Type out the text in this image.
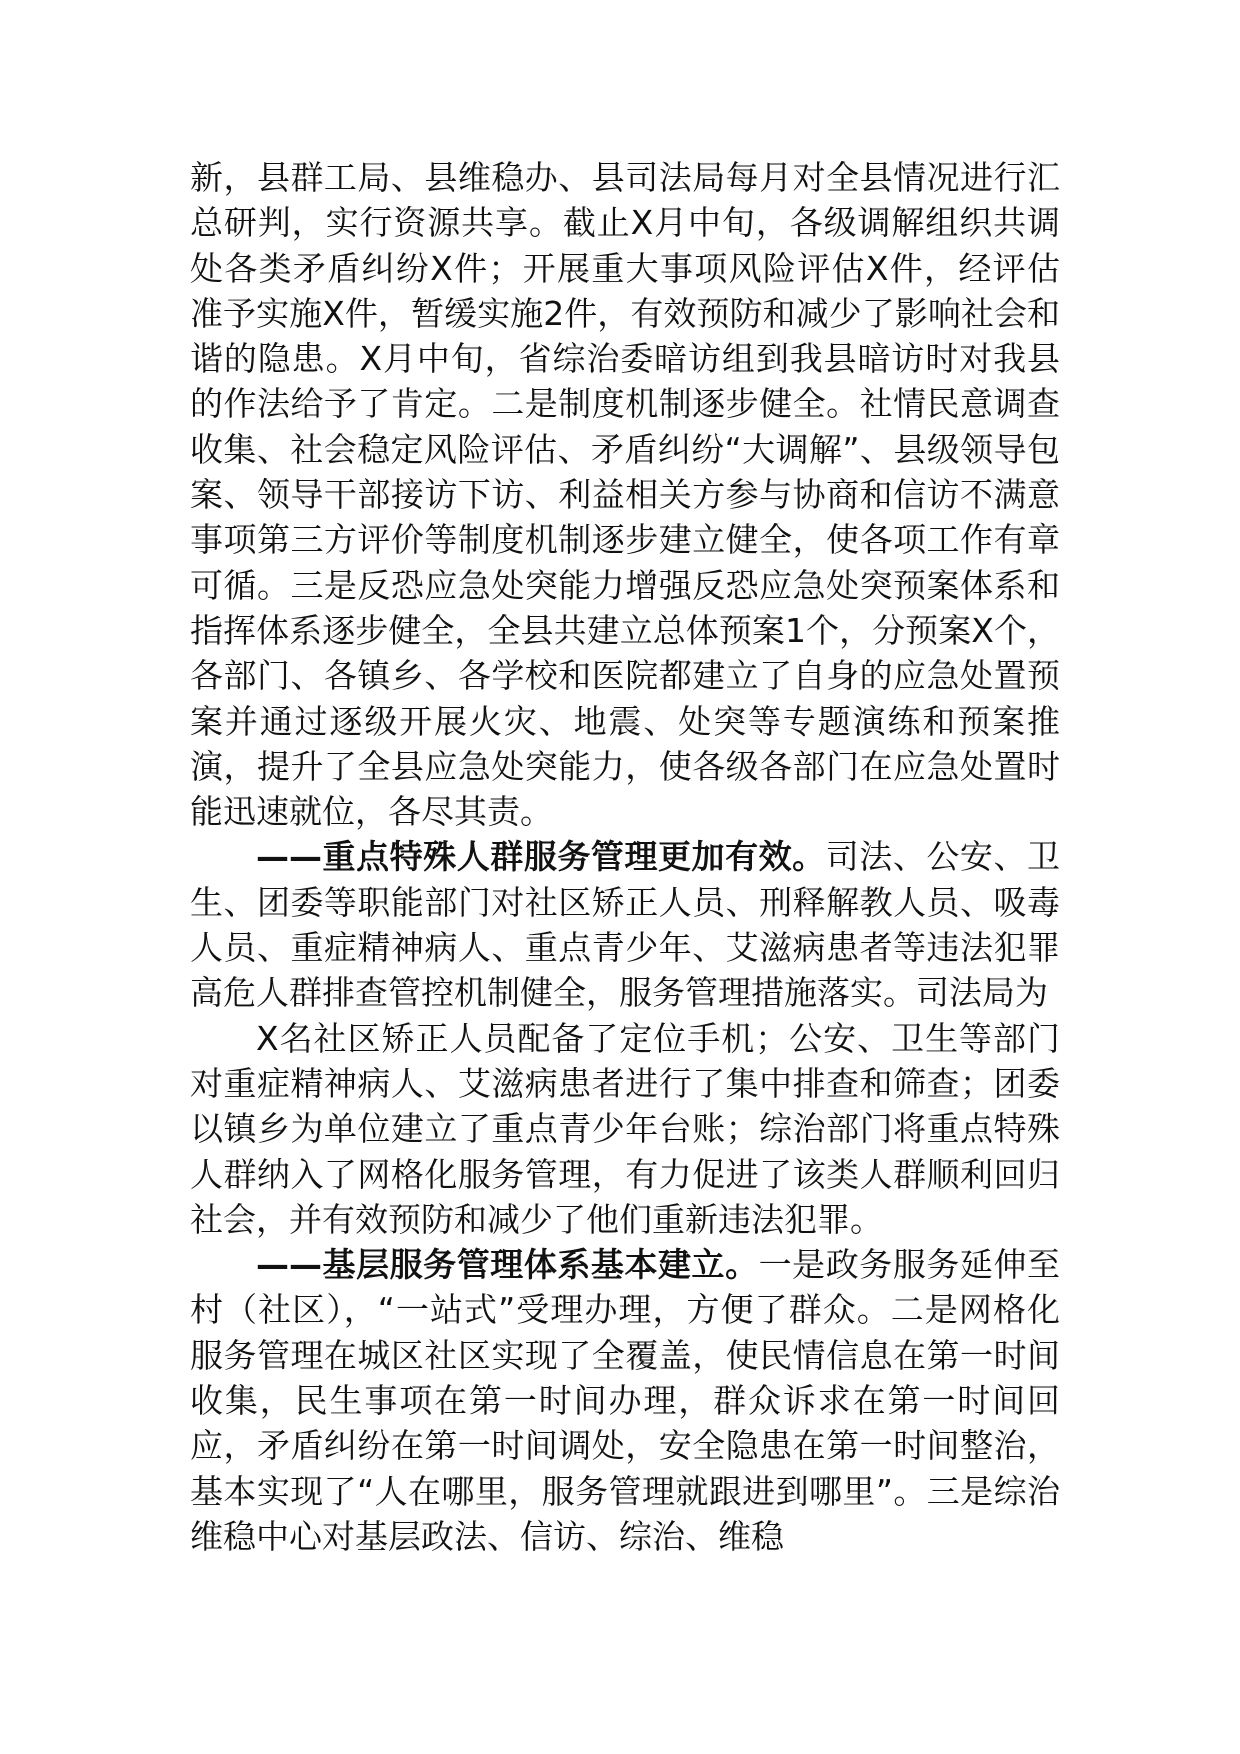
新，县群工局、县维稳办、县司法局每月对全县情况进行汇总研判，实行资源共享。截止X月中旬，各级调解组织共调处各类矛盾纠纷X件；开展重大事项风险评估X件，经评估准予实施X件，暂缓实施2件，有效预防和减少了影响社会和谐的隐患。X月中旬，省综治委暗访组到我县暗访时对我县的作法给予了肯定。二是制度机制逐步健全。社情民意调查收集、社会稳定风险评估、矛盾纠纷“大调解”、县级领导包案、领导干部接访下访、利益相关方参与协商和信访不满意事项第三方评价等制度机制逐步建立健全，使各项工作有章可循。三是反恐应急处突能力增强反恐应急处突预案体系和指挥体系逐步健全，全县共建立总体预案1个，分预案X个，各部门、各镇乡、各学校和医院都建立了自身的应急处置预案并通过逐级开展火灾、地震、处突等专题演练和预案推演，提升了全县应急处突能力，使各级各部门在应急处置时能迅速就位，各尽其责。

——重点特殊人群服务管理更加有效。司法、公安、卫生、团委等职能部门对社区矫正人员、刑释解教人员、吸毒人员、重症精神病人、重点青少年、艾滋病患者等违法犯罪高危人群排查管控机制健全，服务管理措施落实。司法局为

X名社区矫正人员配备了定位手机；公安、卫生等部门对重症精神病人、艾滋病患者进行了集中排查和筛查；团委以镇乡为单位建立了重点青少年台账；综治部门将重点特殊人群纳入了网格化服务管理，有力促进了该类人群顺利回归社会，并有效预防和减少了他们重新违法犯罪。

——基层服务管理体系基本建立。一是政务服务延伸至村（社区），“一站式”受理办理，方便了群众。二是网格化服务管理在城区社区实现了全覆盖，使民情信息在第一时间收集，民生事项在第一时间办理，群众诉求在第一时间回应，矛盾纠纷在第一时间调处，安全隐患在第一时间整治，基本实现了“人在哪里，服务管理就跟进到哪里”。三是综治维稳中心对基层政法、信访、综治、维稳
